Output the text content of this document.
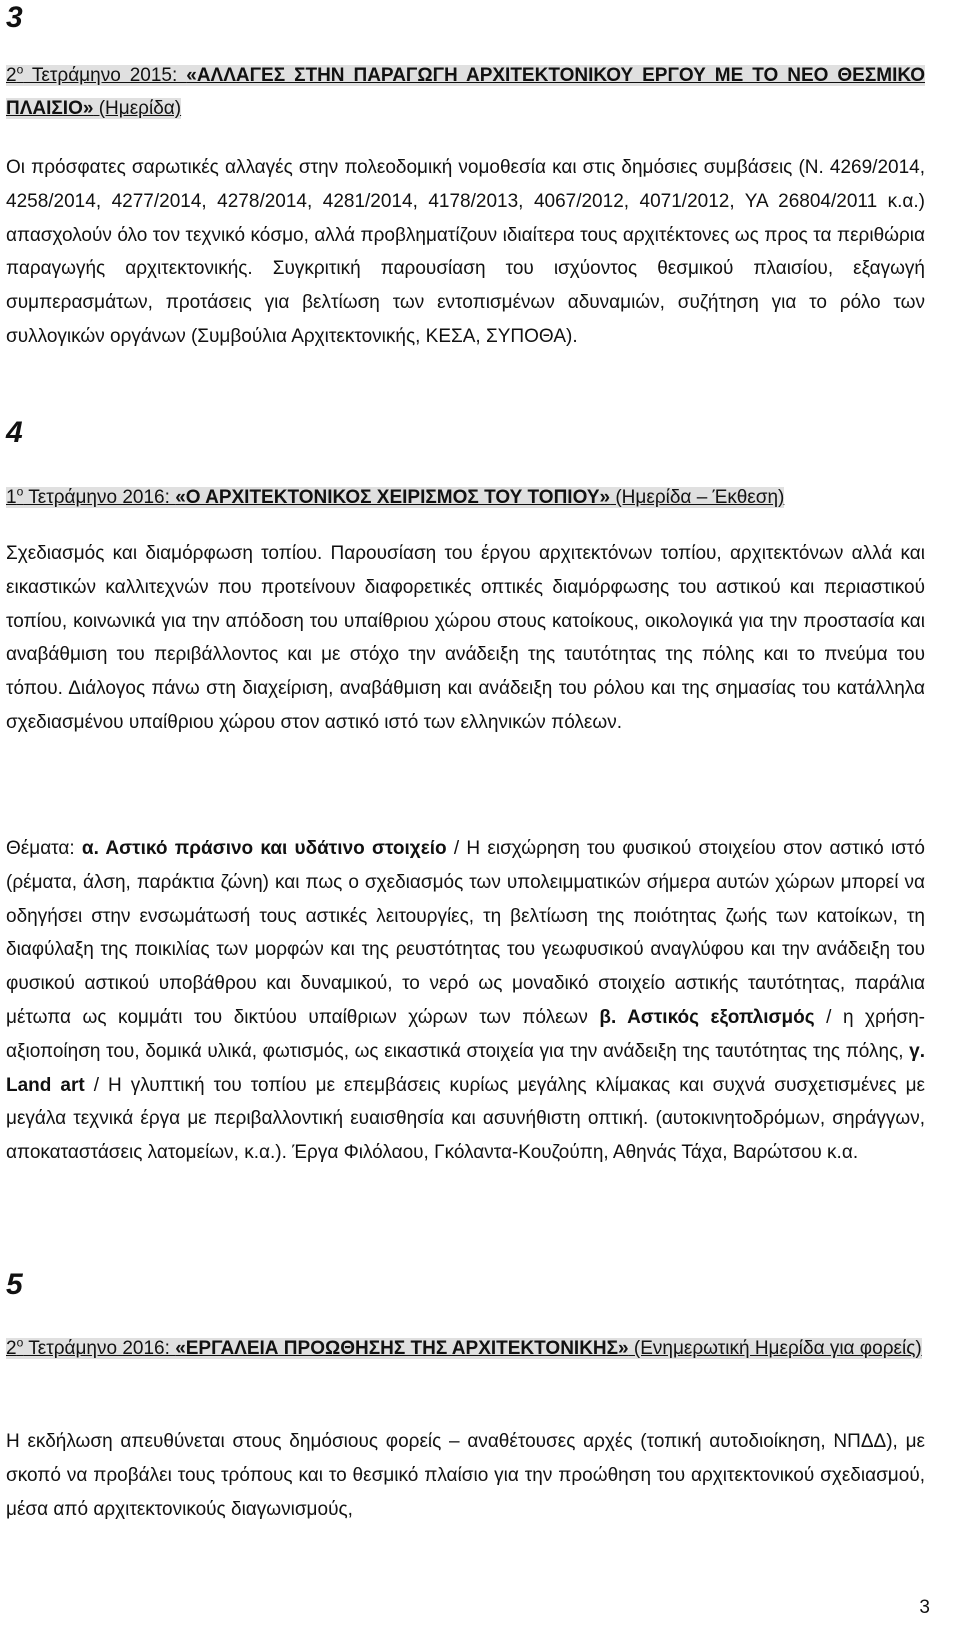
3

$2^o$ Τετράμηνο 2015: «ΑΛΛΑΓΕΣ ΣΤΗΝ ΠΑΡΑΓΩΓΗ ΑΡΧΙΤΕΚΤΟΝΙΚΟΥ ΕΡΓΟΥ ΜΕ ΤΟ ΝΕΟ ΘΕΣΜΙΚΟ ΠΛΑΙΣΙΟ» (Ημερίδα)

Οι πρόσφατες σαρωτικές αλλαγές στην πολεοδομική νομοθεσία και στις δημόσιες συμβάσεις (Ν. 4269/2014, 4258/2014, 4277/2014, 4278/2014, 4281/2014, 4178/2013, 4067/2012, 4071/2012, ΥΑ 26804/2011 κ.α.) απασχολούν όλο τον τεχνικό κόσμο, αλλά προβληματίζουν ιδιαίτερα τους αρχιτέκτονες ως προς τα περιθώρια παραγωγής αρχιτεκτονικής. Συγκριτική παρουσίαση του ισχύοντος θεσμικού πλαισίου, εξαγωγή συμπερασμάτων, προτάσεις για βελτίωση των εντοπισμένων αδυναμιών, συζήτηση για το ρόλο των συλλογικών οργάνων (Συμβούλια Αρχιτεκτονικής, ΚΕΣΑ, ΣΥΠΟΘΑ).

4

$1^o$ Τετράμηνο 2016: «Ο ΑΡΧΙΤΕΚΤΟΝΙΚΟΣ ΧΕΙΡΙΣΜΟΣ ΤΟΥ ΤΟΠΙΟΥ» (Ημερίδα – Έκθεση)

Σχεδιασμός και διαμόρφωση τοπίου. Παρουσίαση του έργου αρχιτεκτόνων τοπίου, αρχιτεκτόνων αλλά και εικαστικών καλλιτεχνών που προτείνουν διαφορετικές οπτικές διαμόρφωσης του αστικού και περιαστικού τοπίου, κοινωνικά για την απόδοση του υπαίθριου χώρου στους κατοίκους, οικολογικά για την προστασία και αναβάθμιση του περιβάλλοντος και με στόχο την ανάδειξη της ταυτότητας της πόλης και το πνεύμα του τόπου. Διάλογος πάνω στη διαχείριση, αναβάθμιση και ανάδειξη του ρόλου και της σημασίας του κατάλληλα σχεδιασμένου υπαίθριου χώρου στον αστικό ιστό των ελληνικών πόλεων.

Θέματα: α. Αστικό πράσινο και υδάτινο στοιχείο / Η εισχώρηση του φυσικού στοιχείου στον αστικό ιστό (ρέματα, άλση, παράκτια ζώνη) και πως ο σχεδιασμός των υπολειμματικών σήμερα αυτών χώρων μπορεί να οδηγήσει στην ενσωμάτωσή τους αστικές λειτουργίες, τη βελτίωση της ποιότητας ζωής των κατοίκων, τη διαφύλαξη της ποικιλίας των μορφών και της ρευστότητας του γεωφυσικού αναγλύφου και την ανάδειξη του φυσικού αστικού υποβάθρου και δυναμικού, το νερό ως μοναδικό στοιχείο αστικής ταυτότητας, παράλια μέτωπα ως κομμάτι του δικτύου υπαίθριων χώρων των πόλεων β. Αστικός εξοπλισμός / η χρήση-αξιοποίηση του, δομικά υλικά, φωτισμός, ως εικαστικά στοιχεία για την ανάδειξη της ταυτότητας της πόλης, γ. Land art / Η γλυπτική του τοπίου με επεμβάσεις κυρίως μεγάλης κλίμακας και συχνά συσχετισμένες με μεγάλα τεχνικά έργα με περιβαλλοντική ευαισθησία και ασυνήθιστη οπτική. (αυτοκινητοδρόμων, σηράγγων, αποκαταστάσεις λατομείων, κ.α.). Έργα Φιλόλαου, Γκόλαντα-Κουζούπη, Αθηνάς Τάχα, Βαρώτσου κ.α.

5

$2^o$ Τετράμηνο 2016: «ΕΡΓΑΛΕΙΑ ΠΡΟΩΘΗΣΗΣ ΤΗΣ ΑΡΧΙΤΕΚΤΟΝΙΚΗΣ» (Ενημερωτική Ημερίδα για φορείς)

Η εκδήλωση απευθύνεται στους δημόσιους φορείς – αναθέτουσες αρχές (τοπική αυτοδιοίκηση, ΝΠΔΔ), με σκοπό να προβάλει τους τρόπους και το θεσμικό πλαίσιο για την προώθηση του αρχιτεκτονικού σχεδιασμού, μέσα από αρχιτεκτονικούς διαγωνισμούς,

3
